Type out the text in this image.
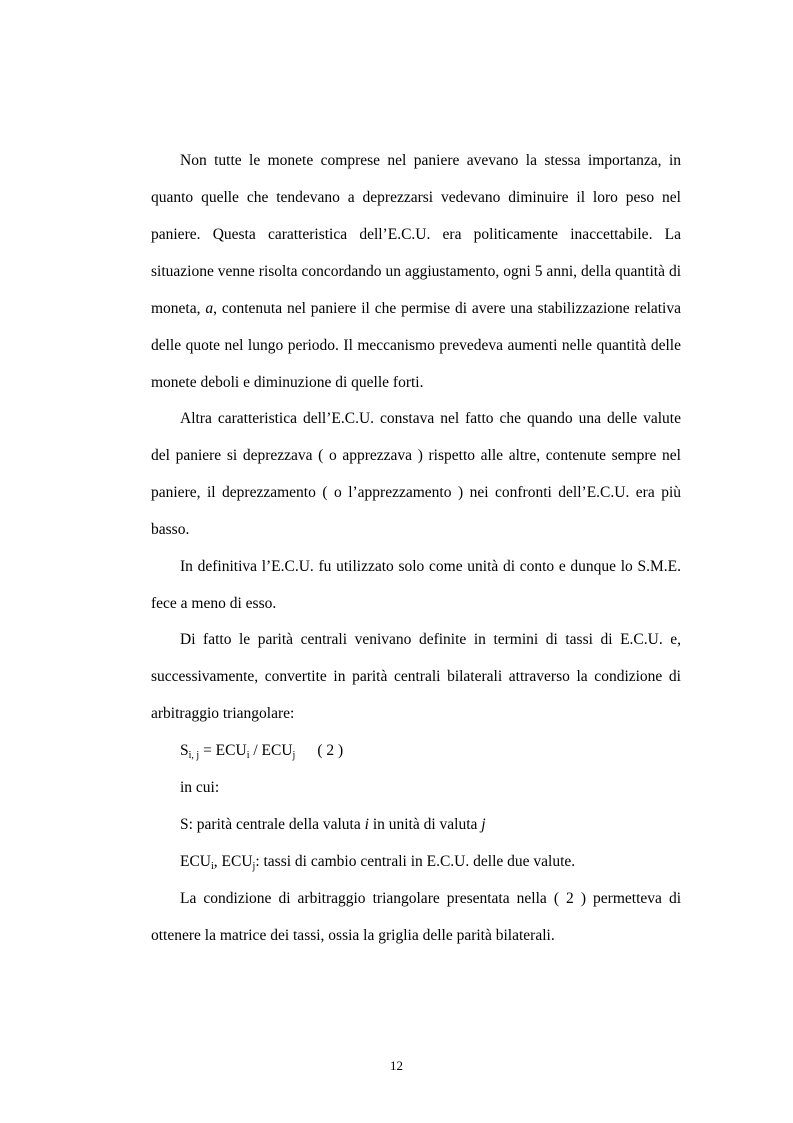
Non tutte le monete comprese nel paniere avevano la stessa importanza, in quanto quelle che tendevano a deprezzarsi vedevano diminuire il loro peso nel paniere. Questa caratteristica dell’E.C.U. era politicamente inaccettabile. La situazione venne risolta concordando un aggiustamento, ogni 5 anni, della quantità di moneta, a, contenuta nel paniere il che permise di avere una stabilizzazione relativa delle quote nel lungo periodo. Il meccanismo prevedeva aumenti nelle quantità delle monete deboli e diminuzione di quelle forti.

Altra caratteristica dell’E.C.U. constava nel fatto che quando una delle valute del paniere si deprezzava ( o apprezzava ) rispetto alle altre, contenute sempre nel paniere, il deprezzamento ( o l’apprezzamento ) nei confronti dell’E.C.U. era più basso.

In definitiva l’E.C.U. fu utilizzato solo come unità di conto e dunque lo S.M.E. fece a meno di esso.

Di fatto le parità centrali venivano definite in termini di tassi di E.C.U. e, successivamente, convertite in parità centrali bilaterali attraverso la condizione di arbitraggio triangolare:

$S_{i, j} = ECU_i / ECU_j$ ( 2 )
in cui:
S: parità centrale della valuta i in unità di valuta j
$ECU_i$, $ECU_j$: tassi di cambio centrali in E.C.U. delle due valute.

La condizione di arbitraggio triangolare presentata nella ( 2 ) permetteva di ottenere la matrice dei tassi, ossia la griglia delle parità bilaterali.

12
